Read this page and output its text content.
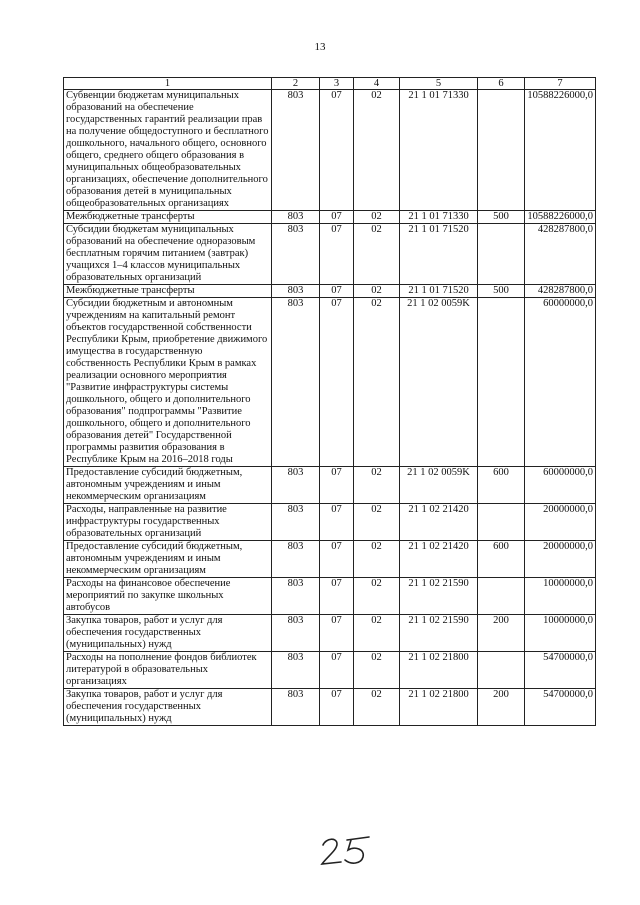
13
1	2	3	4	5	6	7
Субвенции бюджетам муниципальных образований на обеспечение государственных гарантий реализации прав на получение общедоступного и бесплатного дошкольного, начального общего, основного общего, среднего общего образования в муниципальных общеобразовательных организациях, обеспечение дополнительного образования детей в муниципальных общеобразовательных организациях	803	07	02	21 1 01 71330		10588226000,0
Межбюджетные трансферты	803	07	02	21 1 01 71330	500	10588226000,0
Субсидии бюджетам муниципальных образований на обеспечение одноразовым бесплатным горячим питанием (завтрак) учащихся 1–4 классов муниципальных образовательных организаций	803	07	02	21 1 01 71520		428287800,0
Межбюджетные трансферты	803	07	02	21 1 01 71520	500	428287800,0
Субсидии бюджетным и автономным учреждениям на капитальный ремонт объектов государственной собственности Республики Крым, приобретение движимого имущества в государственную собственность Республики Крым в рамках реализации основного мероприятия "Развитие инфраструктуры системы дошкольного, общего и дополнительного образования" подпрограммы "Развитие дошкольного, общего и дополнительного образования детей" Государственной программы развития образования в Республике Крым на 2016–2018 годы	803	07	02	21 1 02 0059K		60000000,0
Предоставление субсидий бюджетным, автономным учреждениям и иным некоммерческим организациям	803	07	02	21 1 02 0059K	600	60000000,0
Расходы, направленные на развитие инфраструктуры государственных образовательных организаций	803	07	02	21 1 02 21420		20000000,0
Предоставление субсидий бюджетным, автономным учреждениям и иным некоммерческим организациям	803	07	02	21 1 02 21420	600	20000000,0
Расходы на финансовое обеспечение мероприятий по закупке школьных автобусов	803	07	02	21 1 02 21590		10000000,0
Закупка товаров, работ и услуг для обеспечения государственных (муниципальных) нужд	803	07	02	21 1 02 21590	200	10000000,0
Расходы на пополнение фондов библиотек литературой в образовательных организациях	803	07	02	21 1 02 21800		54700000,0
Закупка товаров, работ и услуг для обеспечения государственных (муниципальных) нужд	803	07	02	21 1 02 21800	200	54700000,0
